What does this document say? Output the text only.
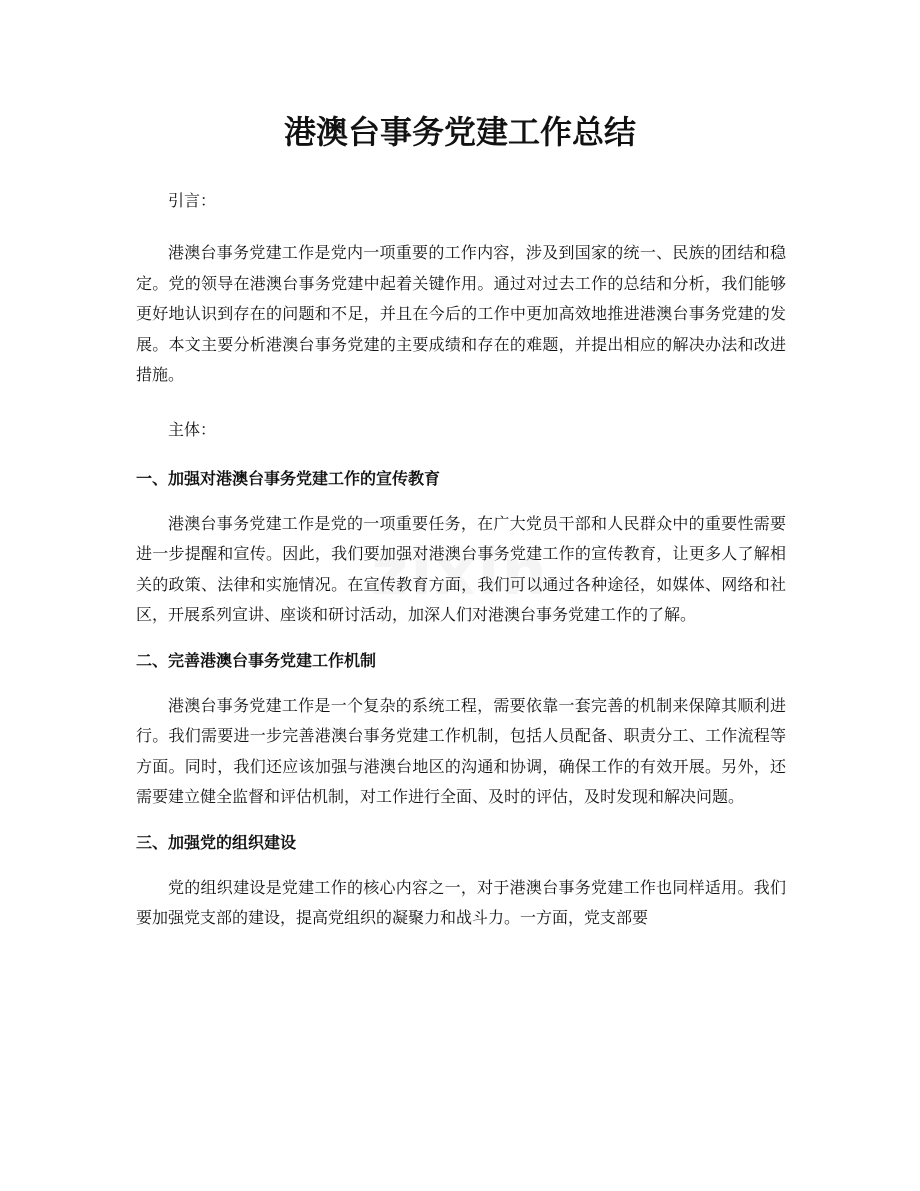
港澳台事务党建工作总结
zixin

引言：

港澳台事务党建工作是党内一项重要的工作内容，涉及到国家的统一、民族的团结和稳定。党的领导在港澳台事务党建中起着关键作用。通过对过去工作的总结和分析，我们能够更好地认识到存在的问题和不足，并且在今后的工作中更加高效地推进港澳台事务党建的发展。本文主要分析港澳台事务党建的主要成绩和存在的难题，并提出相应的解决办法和改进措施。

主体：

一、加强对港澳台事务党建工作的宣传教育

港澳台事务党建工作是党的一项重要任务，在广大党员干部和人民群众中的重要性需要进一步提醒和宣传。因此，我们要加强对港澳台事务党建工作的宣传教育，让更多人了解相关的政策、法律和实施情况。在宣传教育方面，我们可以通过各种途径，如媒体、网络和社区，开展系列宣讲、座谈和研讨活动，加深人们对港澳台事务党建工作的了解。

二、完善港澳台事务党建工作机制

港澳台事务党建工作是一个复杂的系统工程，需要依靠一套完善的机制来保障其顺利进行。我们需要进一步完善港澳台事务党建工作机制，包括人员配备、职责分工、工作流程等方面。同时，我们还应该加强与港澳台地区的沟通和协调，确保工作的有效开展。另外，还需要建立健全监督和评估机制，对工作进行全面、及时的评估，及时发现和解决问题。

三、加强党的组织建设

党的组织建设是党建工作的核心内容之一，对于港澳台事务党建工作也同样适用。我们要加强党支部的建设，提高党组织的凝聚力和战斗力。一方面，党支部要
